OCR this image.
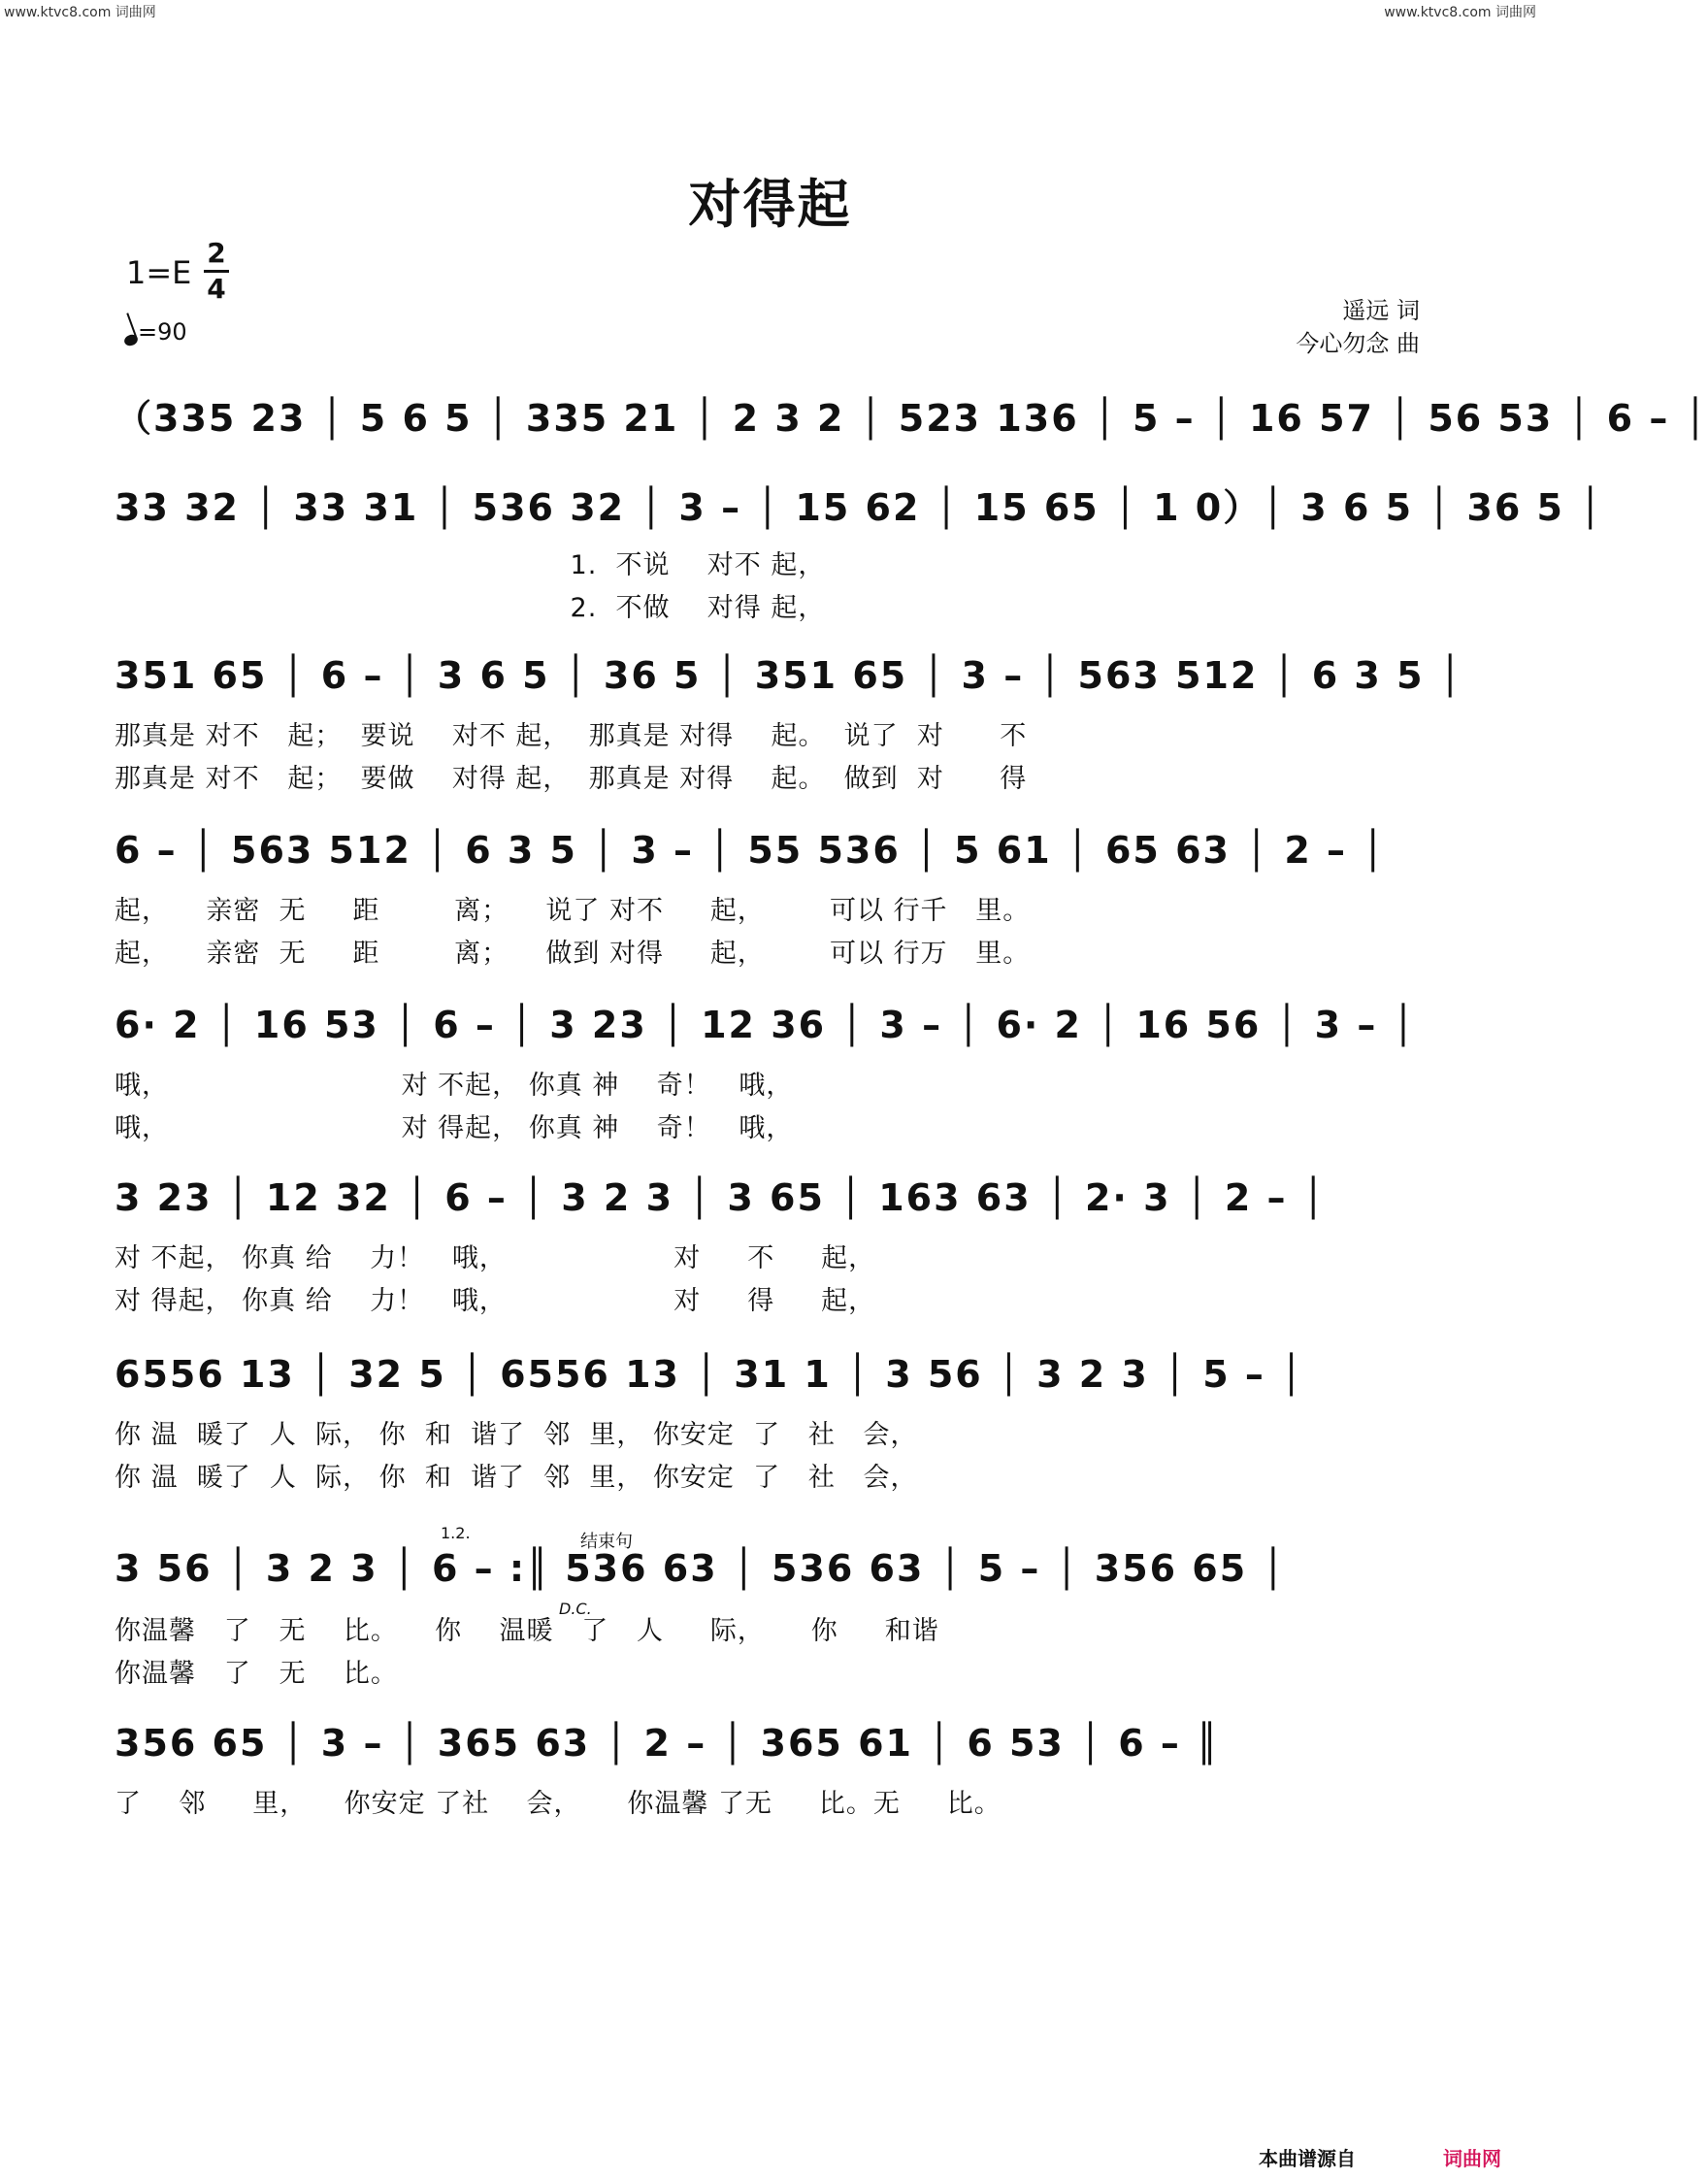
www.ktvc8.com 词曲网	www.ktvc8.com 词曲网
对得起
1=E
2
4
=90
遥远 词
今心勿念 曲
（335 23 │ 5 6 5 │ 335 21 │ 2 3 2 │ 523 136 │ 5 – │ 16 57 │ 56 53 │ 6 – │
33 32 │ 33 31 │ 536 32 │ 3 – │ 15 62 │ 15 65 │ 1 0）│ 3 6 5 │ 36 5 │
1.  不说    对不 起，
2.  不做    对得 起，
351 65 │ 6 – │ 3 6 5 │ 36 5 │ 351 65 │ 3 – │ 563 512 │ 6 3 5 │
那真是 对不   起；  要说    对不 起，  那真是 对得    起。  说了  对      不
那真是 对不   起；  要做    对得 起，  那真是 对得    起。  做到  对      得
6 – │ 563 512 │ 6 3 5 │ 3 – │ 55 536 │ 5 61 │ 65 63 │ 2 – │
起，    亲密  无     距        离；    说了 对不     起，       可以 行千   里。
起，    亲密  无     距        离；    做到 对得     起，       可以 行万   里。
6· 2 │ 16 53 │ 6 – │ 3 23 │ 12 36 │ 3 – │ 6· 2 │ 16 56 │ 3 – │
哦，                         对 不起， 你真 神    奇！   哦，
哦，                         对 得起， 你真 神    奇！   哦，
3 23 │ 12 32 │ 6 – │ 3 2 3 │ 3 65 │ 163 63 │ 2· 3 │ 2 – │
对 不起， 你真 给    力！   哦，                  对     不     起，
对 得起， 你真 给    力！   哦，                  对     得     起，
6556 13 │ 32 5 │ 6556 13 │ 31 1 │ 3 56 │ 3 2 3 │ 5 – │
你 温  暖了  人  际， 你  和  谐了  邻  里， 你安定  了   社   会，
你 温  暖了  人  际， 你  和  谐了  邻  里， 你安定  了   社   会，
1.2.	结束句
D.C.
3 56 │ 3 2 3 │ 6 – :║ 536 63 │ 536 63 │ 5 – │ 356 65 │
你温馨   了   无    比。    你    温暖   了   人     际，     你     和谐
你温馨   了   无    比。
356 65 │ 3 – │ 365 63 │ 2 – │ 365 61 │ 6 53 │ 6 – ║
了    邻     里，    你安定 了社    会，     你温馨 了无     比。无     比。
本曲谱源自	词曲网
